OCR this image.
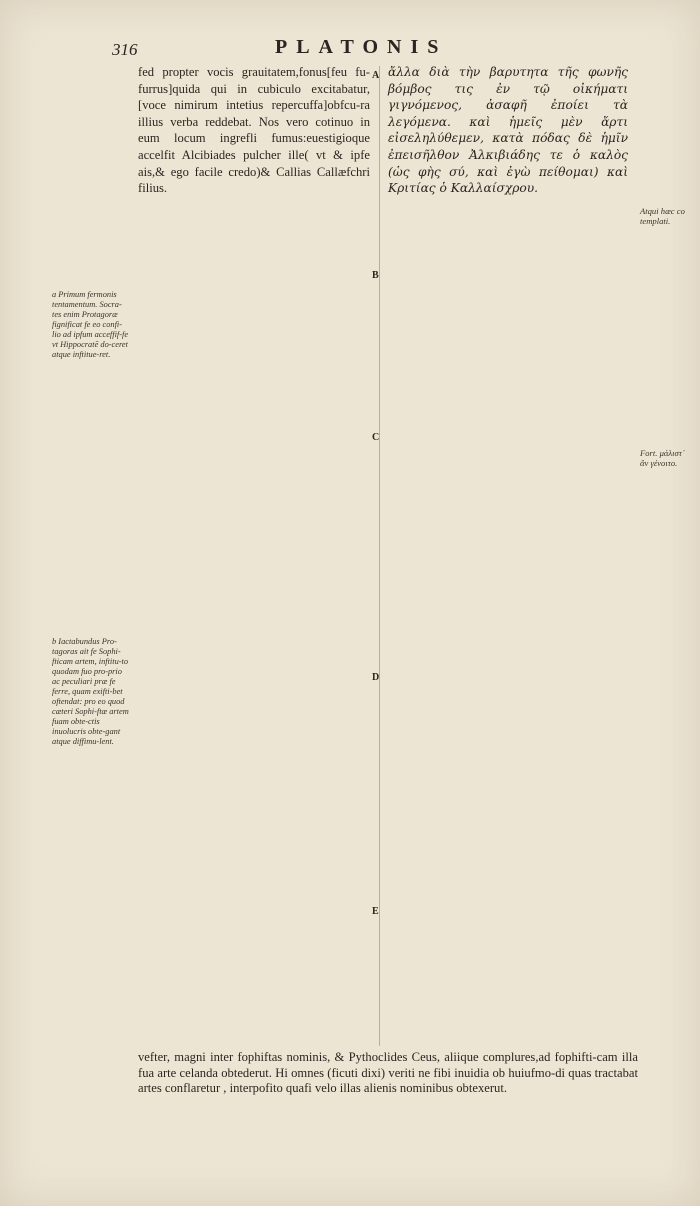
316	PLATONIS
a Primum fermonis tentamentum. Socra-tes enim Protagoræ fignificat fe eo confi-lio ad ipfum acceffif-fe vt Hippocratē do-ceret atque inftitue-ret.
b Iactabundus Pro-tagoras ait fe Sophi-fticam artem, inftitu-to quodam fuo pro-prio ac peculiari præ fe ferre, quam exifti-bet oftendat: pro eo quod cæteri Sophi-ftæ artem fuam obte-ctis inuolucris obte-gant atque diffimu-lent.
Atqui hæc co templati.
Fort. μάλιστ᾽ ἂν γένοιτο.
A
B
C
D
E

fed propter vocis grauitatem,fonus[feu fu-furrus]quida qui in cubiculo excitabatur, [voce nimirum intetius repercuffa]obfcu-ra illius verba reddebat. Nos vero cotinuo in eum locum ingrefli fumus:euestigioque accelfit Alcibiades pulcher ille( vt & ipfe ais,& ego facile credo)& Callias Callæfchri filius.

ἄλλα διὰ τὴν βαρυτητα τῆς φωνῆς βόμβος τις ἐν τῷ οἰκήματι γιγνόμενος, ἀσαφῆ ἐποίει τὰ λεγόμενα. καὶ ἡμεῖς μὲν ἄρτι εἰσεληλύθεμεν, κατὰ πόδας δὲ ἡμῖν ἐπεισῆλθον Ἀλκιβιάδης τε ὁ καλὸς (ὡς φὴς σύ, καὶ ἐγὼ πείθομαι) καὶ Κριτίας ὁ Καλλαίσχρου.

vefter, magni inter fophiftas nominis, & Pythoclides Ceus, aliique complures,ad fophifti-cam illa fua arte celanda obtederut. Hi omnes (ficuti dixi) veriti ne fibi inuidia ob huiufmo-di quas tractabat artes conflaretur , interpofito quafi velo illas alienis nominibus obtexerut.
